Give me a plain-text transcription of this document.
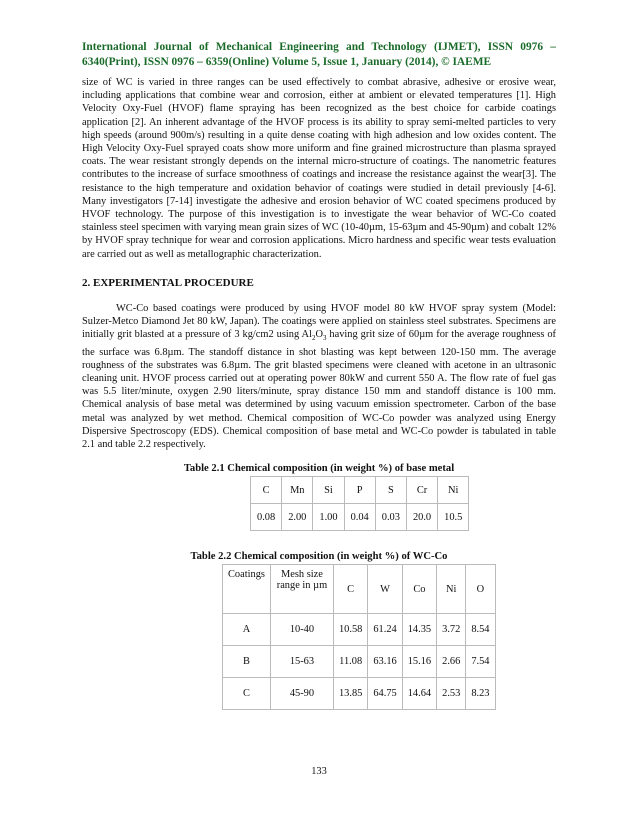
International Journal of Mechanical Engineering and Technology (IJMET), ISSN 0976 – 6340(Print), ISSN 0976 – 6359(Online) Volume 5, Issue 1, January (2014), © IAEME

size of WC is varied in three ranges can be used effectively to combat abrasive, adhesive or erosive wear, including applications that combine wear and corrosion, either at ambient or elevated temperatures [1]. High Velocity Oxy-Fuel (HVOF) flame spraying has been recognized as the best choice for carbide coatings application [2]. An inherent advantage of the HVOF process is its ability to spray semi-melted particles to very high speeds (around 900m/s) resulting in a quite dense coating with high adhesion and low oxides content. The High Velocity Oxy-Fuel sprayed coats show more uniform and fine grained microstructure than plasma sprayed coats. The wear resistant strongly depends on the internal micro-structure of coatings. The nanometric features contributes to the increase of surface smoothness of coatings and increase the resistance against the wear[3]. The resistance to the high temperature and oxidation behavior of coatings were studied in detail previously [4-6]. Many investigators [7-14] investigate the adhesive and erosion behavior of WC coated specimens produced by HVOF technology. The purpose of this investigation is to investigate the wear behavior of WC-Co coated stainless steel specimen with varying mean grain sizes of WC (10-40µm, 15-63µm and 45-90µm) and cobalt 12% by HVOF spray technique for wear and corrosion applications. Micro hardness and specific wear tests evaluation are carried out as well as metallographic characterization.

2. EXPERIMENTAL PROCEDURE

WC-Co based coatings were produced by using HVOF model 80 kW HVOF spray system (Model: Sulzer-Metco Diamond Jet 80 kW, Japan). The coatings were applied on stainless steel substrates. Specimens are initially grit blasted at a pressure of 3 kg/cm2 using $Al_2O_3$ having grit size of 60µm for the average roughness of the surface was 6.8µm. The standoff distance in shot blasting was kept between 120-150 mm. The average roughness of the substrates was 6.8µm. The grit blasted specimens were cleaned with acetone in an ultrasonic cleaning unit. HVOF process carried out at operating power 80kW and current 550 A. The flow rate of fuel gas was 5.5 liter/minute, oxygen 2.90 liters/minute, spray distance 150 mm and standoff distance is 100 mm. Chemical analysis of base metal was determined by using vacuum emission spectrometer. Carbon of the base metal was analyzed by wet method. Chemical composition of WC-Co powder was analyzed using Energy Dispersive Spectroscopy (EDS). Chemical composition of base metal and WC-Co powder is tabulated in table 2.1 and table 2.2 respectively.

Table 2.1 Chemical composition (in weight %) of base metal
C	Mn	Si	P	S	Cr	Ni
0.08	2.00	1.00	0.04	0.03	20.0	10.5
Table 2.2 Chemical composition (in weight %) of WC-Co
Coatings	Mesh size range in µm	C	W	Co	Ni	O
A	10-40	10.58	61.24	14.35	3.72	8.54
B	15-63	11.08	63.16	15.16	2.66	7.54
C	45-90	13.85	64.75	14.64	2.53	8.23
133
